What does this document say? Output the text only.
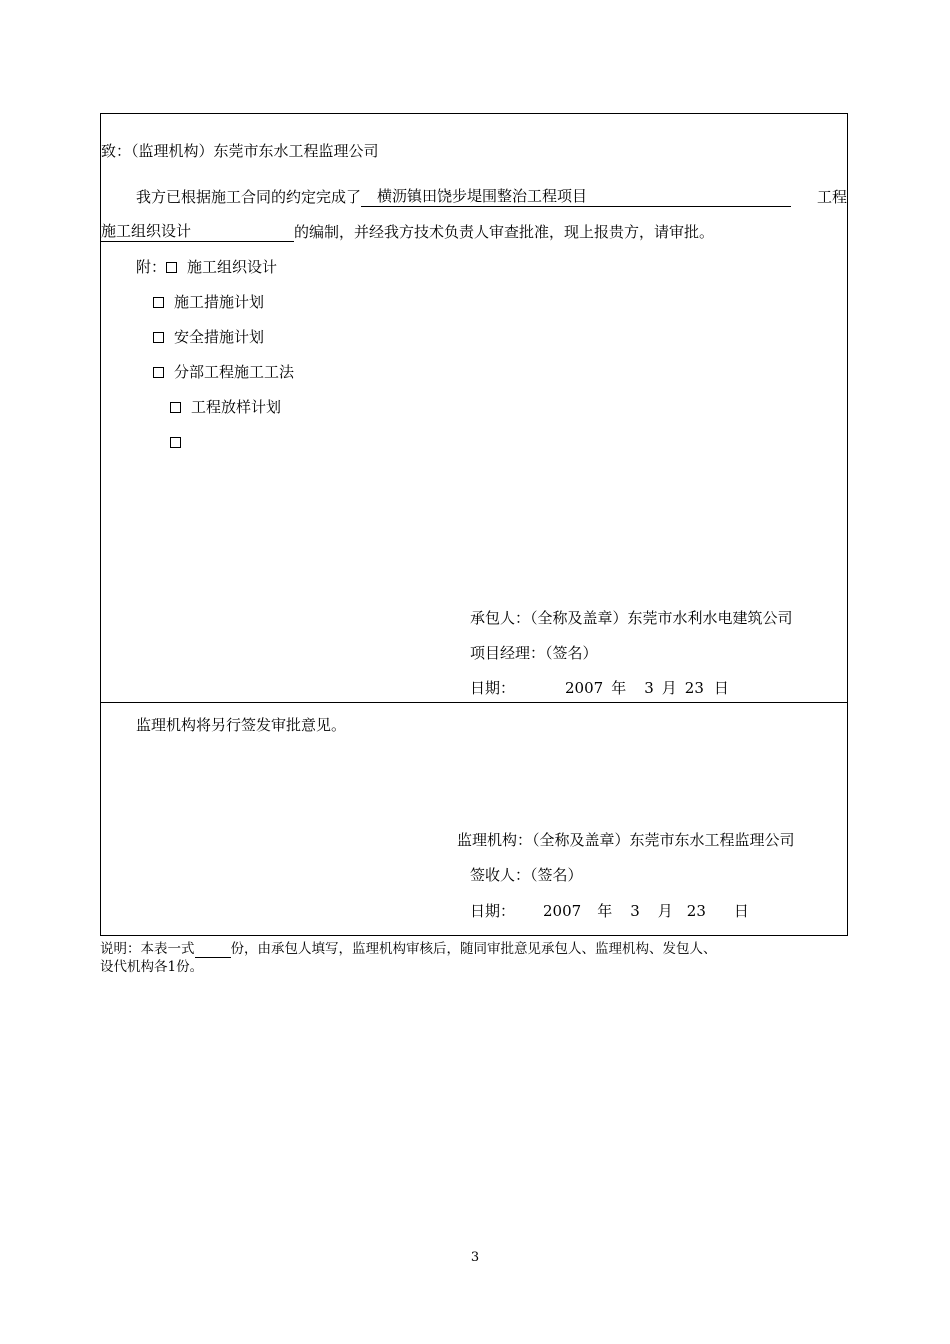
致：（监理机构）东莞市东水工程监理公司
我方已根据施工合同的约定完成了 横沥镇田饶步堤围整治工程项目	工程
施工组织设计	的编制，并经我方技术负责人审查批准，现上报贵方，请审批。
附： 施工组织设计
施工措施计划
安全措施计划
分部工程施工工法
工程放样计划
承包人：（全称及盖章）东莞市水利水电建筑公司
项目经理：（签名）
日期：	2007 年 3 月 23 日
监理机构将另行签发审批意见。
监理机构：（全称及盖章）东莞市东水工程监理公司
签收人：（签名）
日期： 2007 年 3 月 23 日
说明：本表一式	份，由承包人填写，监理机构审核后，随同审批意见承包人、监理机构、发包人、
设代机构各1份。
3
